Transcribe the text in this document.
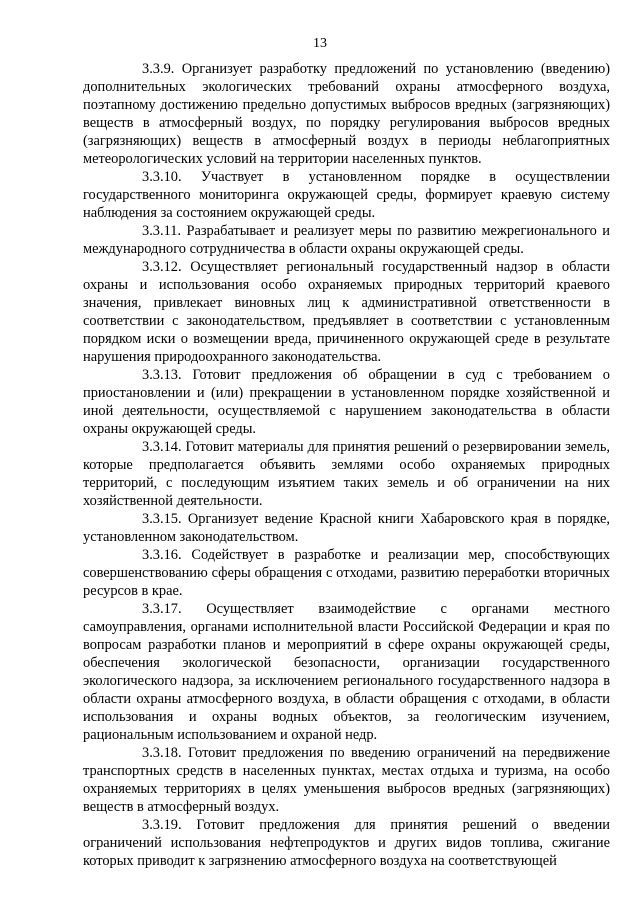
13

3.3.9. Организует разработку предложений по установлению (введению) дополнительных экологических требований охраны атмосферного воздуха, поэтапному достижению предельно допустимых выбросов вредных (загрязняющих) веществ в атмосферный воздух, по порядку регулирования выбросов вредных (загрязняющих) веществ в атмосферный воздух в периоды неблагоприятных метеорологических условий на территории населенных пунктов.

3.3.10. Участвует в установленном порядке в осуществлении государственного мониторинга окружающей среды, формирует краевую систему наблюдения за состоянием окружающей среды.

3.3.11. Разрабатывает и реализует меры по развитию межрегионального и международного сотрудничества в области охраны окружающей среды.

3.3.12. Осуществляет региональный государственный надзор в области охраны и использования особо охраняемых природных территорий краевого значения, привлекает виновных лиц к административной ответственности в соответствии с законодательством, предъявляет в соответствии с установленным порядком иски о возмещении вреда, причиненного окружающей среде в результате нарушения природоохранного законодательства.

3.3.13. Готовит предложения об обращении в суд с требованием о приостановлении и (или) прекращении в установленном порядке хозяйственной и иной деятельности, осуществляемой с нарушением законодательства в области охраны окружающей среды.

3.3.14. Готовит материалы для принятия решений о резервировании земель, которые предполагается объявить землями особо охраняемых природных территорий, с последующим изъятием таких земель и об ограничении на них хозяйственной деятельности.

3.3.15. Организует ведение Красной книги Хабаровского края в порядке, установленном законодательством.

3.3.16. Содействует в разработке и реализации мер, способствующих совершенствованию сферы обращения с отходами, развитию переработки вторичных ресурсов в крае.

3.3.17. Осуществляет взаимодействие с органами местного самоуправления, органами исполнительной власти Российской Федерации и края по вопросам разработки планов и мероприятий в сфере охраны окружающей среды, обеспечения экологической безопасности, организации государственного экологического надзора, за исключением регионального государственного надзора в области охраны атмосферного воздуха, в области обращения с отходами, в области использования и охраны водных объектов, за геологическим изучением, рациональным использованием и охраной недр.

3.3.18. Готовит предложения по введению ограничений на передвижение транспортных средств в населенных пунктах, местах отдыха и туризма, на особо охраняемых территориях в целях уменьшения выбросов вредных (загрязняющих) веществ в атмосферный воздух.

3.3.19. Готовит предложения для принятия решений о введении ограничений использования нефтепродуктов и других видов топлива, сжигание которых приводит к загрязнению атмосферного воздуха на соответствующей
